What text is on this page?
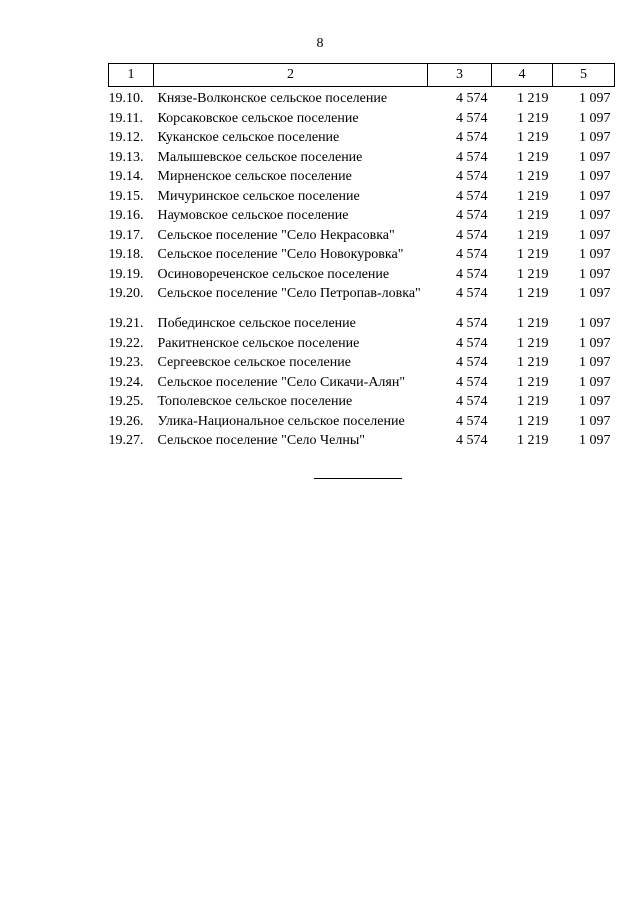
8
1	2	3	4	5
19.10.	Князе-Волконское сельское поселение	4 574	1 219	1 097
19.11.	Корсаковское сельское поселение	4 574	1 219	1 097
19.12.	Куканское сельское поселение	4 574	1 219	1 097
19.13.	Малышевское сельское поселение	4 574	1 219	1 097
19.14.	Мирненское сельское поселение	4 574	1 219	1 097
19.15.	Мичуринское сельское поселение	4 574	1 219	1 097
19.16.	Наумовское сельское поселение	4 574	1 219	1 097
19.17.	Сельское поселение "Село Некрасовка"	4 574	1 219	1 097
19.18.	Сельское поселение "Село Новокуровка"	4 574	1 219	1 097
19.19.	Осиновореченское сельское поселение	4 574	1 219	1 097
19.20.	Сельское поселение "Село Петропав-ловка"	4 574	1 219	1 097
19.21.	Побединское сельское поселение	4 574	1 219	1 097
19.22.	Ракитненское сельское поселение	4 574	1 219	1 097
19.23.	Сергеевское сельское поселение	4 574	1 219	1 097
19.24.	Сельское поселение "Село Сикачи-Алян"	4 574	1 219	1 097
19.25.	Тополевское сельское поселение	4 574	1 219	1 097
19.26.	Улика-Национальное сельское поселение	4 574	1 219	1 097
19.27.	Сельское поселение "Село Челны"	4 574	1 219	1 097
